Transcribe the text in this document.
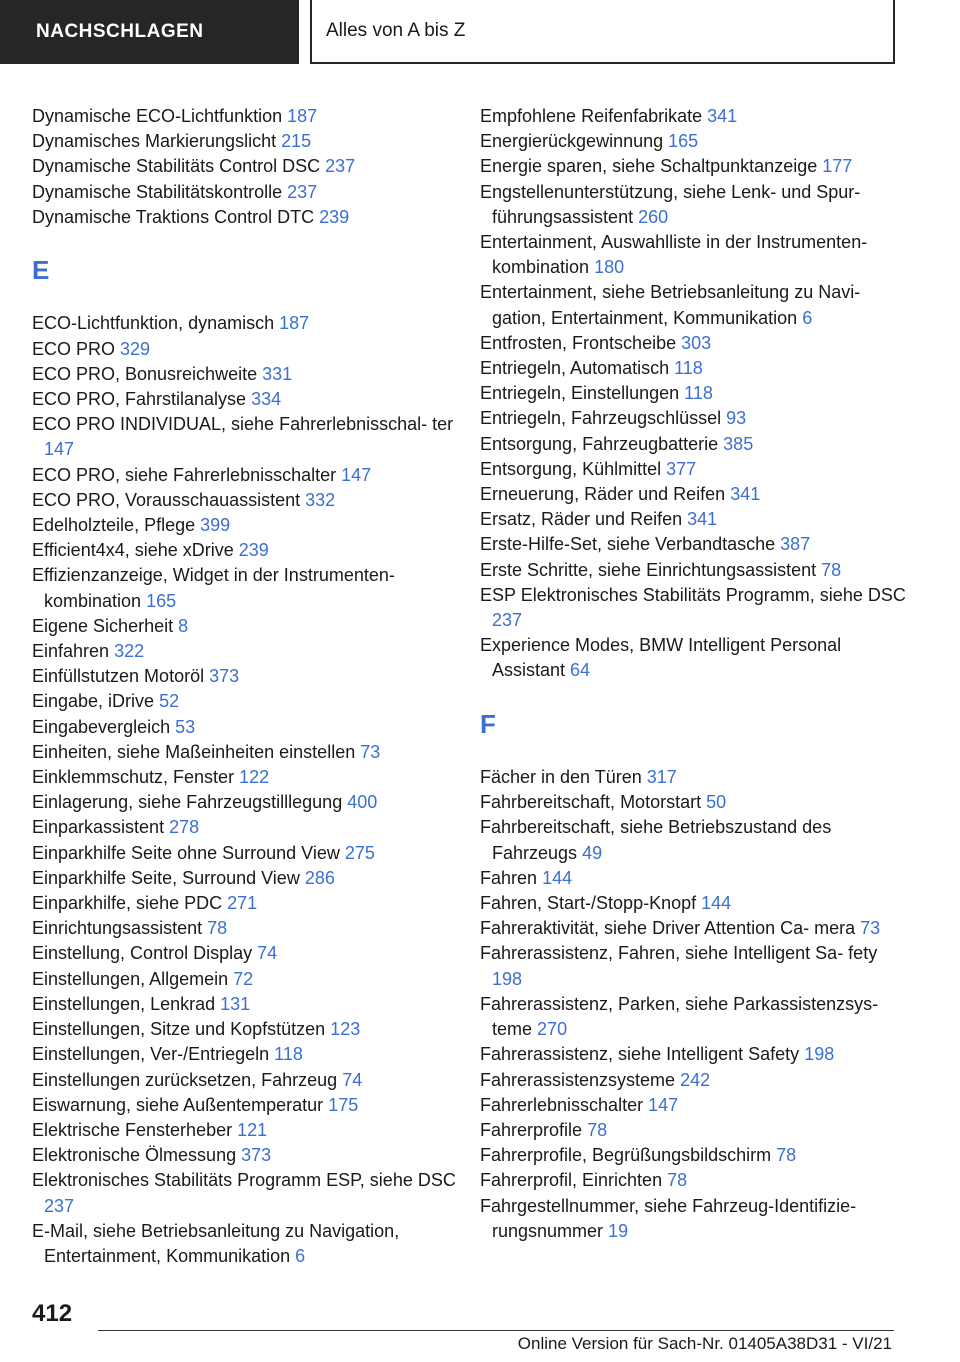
NACHSCHLAGEN	Alles von A bis Z
Dynamische ECO-Lichtfunktion 187
Dynamisches Markierungslicht 215
Dynamische Stabilitäts Control DSC 237
Dynamische Stabilitätskontrolle 237
Dynamische Traktions Control DTC 239
E
ECO-Lichtfunktion, dynamisch 187
ECO PRO 329
ECO PRO, Bonusreichweite 331
ECO PRO, Fahrstilanalyse 334
ECO PRO INDIVIDUAL, siehe Fahrerlebnisschal‐ ter 147
ECO PRO, siehe Fahrerlebnisschalter 147
ECO PRO, Vorausschauassistent 332
Edelholzteile, Pflege 399
Efficient4x4, siehe xDrive 239
Effizienzanzeige, Widget in der Instrumenten‐ kombination 165
Eigene Sicherheit 8
Einfahren 322
Einfüllstutzen Motoröl 373
Eingabe, iDrive 52
Eingabevergleich 53
Einheiten, siehe Maßeinheiten einstellen 73
Einklemmschutz, Fenster 122
Einlagerung, siehe Fahrzeugstilllegung 400
Einparkassistent 278
Einparkhilfe Seite ohne Surround View 275
Einparkhilfe Seite, Surround View 286
Einparkhilfe, siehe PDC 271
Einrichtungsassistent 78
Einstellung, Control Display 74
Einstellungen, Allgemein 72
Einstellungen, Lenkrad 131
Einstellungen, Sitze und Kopfstützen 123
Einstellungen, Ver-/Entriegeln 118
Einstellungen zurücksetzen, Fahrzeug 74
Eiswarnung, siehe Außentemperatur 175
Elektrische Fensterheber 121
Elektronische Ölmessung 373
Elektronisches Stabilitäts Programm ESP, siehe DSC 237
E-Mail, siehe Betriebsanleitung zu Navigation, Entertainment, Kommunikation 6
Empfohlene Reifenfabrikate 341
Energierückgewinnung 165
Energie sparen, siehe Schaltpunktanzeige 177
Engstellenunterstützung, siehe Lenk- und Spur‐ führungsassistent 260
Entertainment, Auswahlliste in der Instrumenten‐ kombination 180
Entertainment, siehe Betriebsanleitung zu Navi‐ gation, Entertainment, Kommunikation 6
Entfrosten, Frontscheibe 303
Entriegeln, Automatisch 118
Entriegeln, Einstellungen 118
Entriegeln, Fahrzeugschlüssel 93
Entsorgung, Fahrzeugbatterie 385
Entsorgung, Kühlmittel 377
Erneuerung, Räder und Reifen 341
Ersatz, Räder und Reifen 341
Erste-Hilfe-Set, siehe Verbandtasche 387
Erste Schritte, siehe Einrichtungsassistent 78
ESP Elektronisches Stabilitäts Programm, siehe DSC 237
Experience Modes, BMW Intelligent Personal Assistant 64
F
Fächer in den Türen 317
Fahrbereitschaft, Motorstart 50
Fahrbereitschaft, siehe Betriebszustand des Fahrzeugs 49
Fahren 144
Fahren, Start-/Stopp-Knopf 144
Fahreraktivität, siehe Driver Attention Ca‐ mera 73
Fahrerassistenz, Fahren, siehe Intelligent Sa‐ fety 198
Fahrerassistenz, Parken, siehe Parkassistenzsys‐ teme 270
Fahrerassistenz, siehe Intelligent Safety 198
Fahrerassistenzsysteme 242
Fahrerlebnisschalter 147
Fahrerprofile 78
Fahrerprofile, Begrüßungsbildschirm 78
Fahrerprofil, Einrichten 78
Fahrgestellnummer, siehe Fahrzeug-Identifizie‐ rungsnummer 19
412
Online Version für Sach-Nr. 01405A38D31 - VI/21
